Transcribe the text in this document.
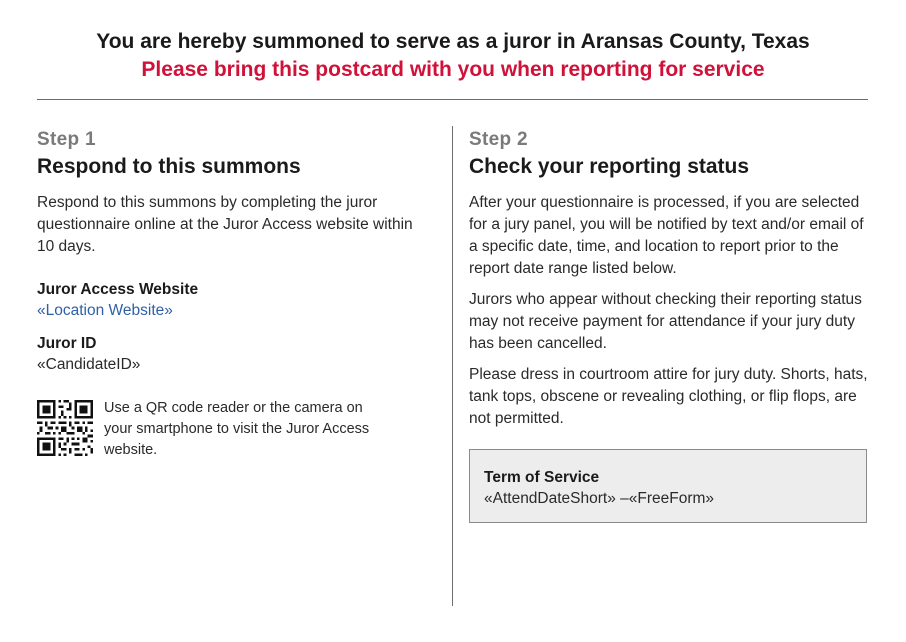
You are hereby summoned to serve as a juror in Aransas County, Texas
Please bring this postcard with you when reporting for service
Step 1
Respond to this summons
Respond to this summons by completing the juror questionnaire online at the Juror Access website within 10 days.
Juror Access Website
«Location Website»
Juror ID
«CandidateID»
Use a QR code reader or the camera on your smartphone to visit the Juror Access website.
Step 2
Check your reporting status
After your questionnaire is processed, if you are selected for a jury panel, you will be notified by text and/or email of a specific date, time, and location to report prior to the report date range listed below.
Jurors who appear without checking their reporting status may not receive payment for attendance if your jury duty has been cancelled.
Please dress in courtroom attire for jury duty. Shorts, hats, tank tops, obscene or revealing clothing, or flip flops, are not permitted.
Term of Service
«AttendDateShort» –«FreeForm»
